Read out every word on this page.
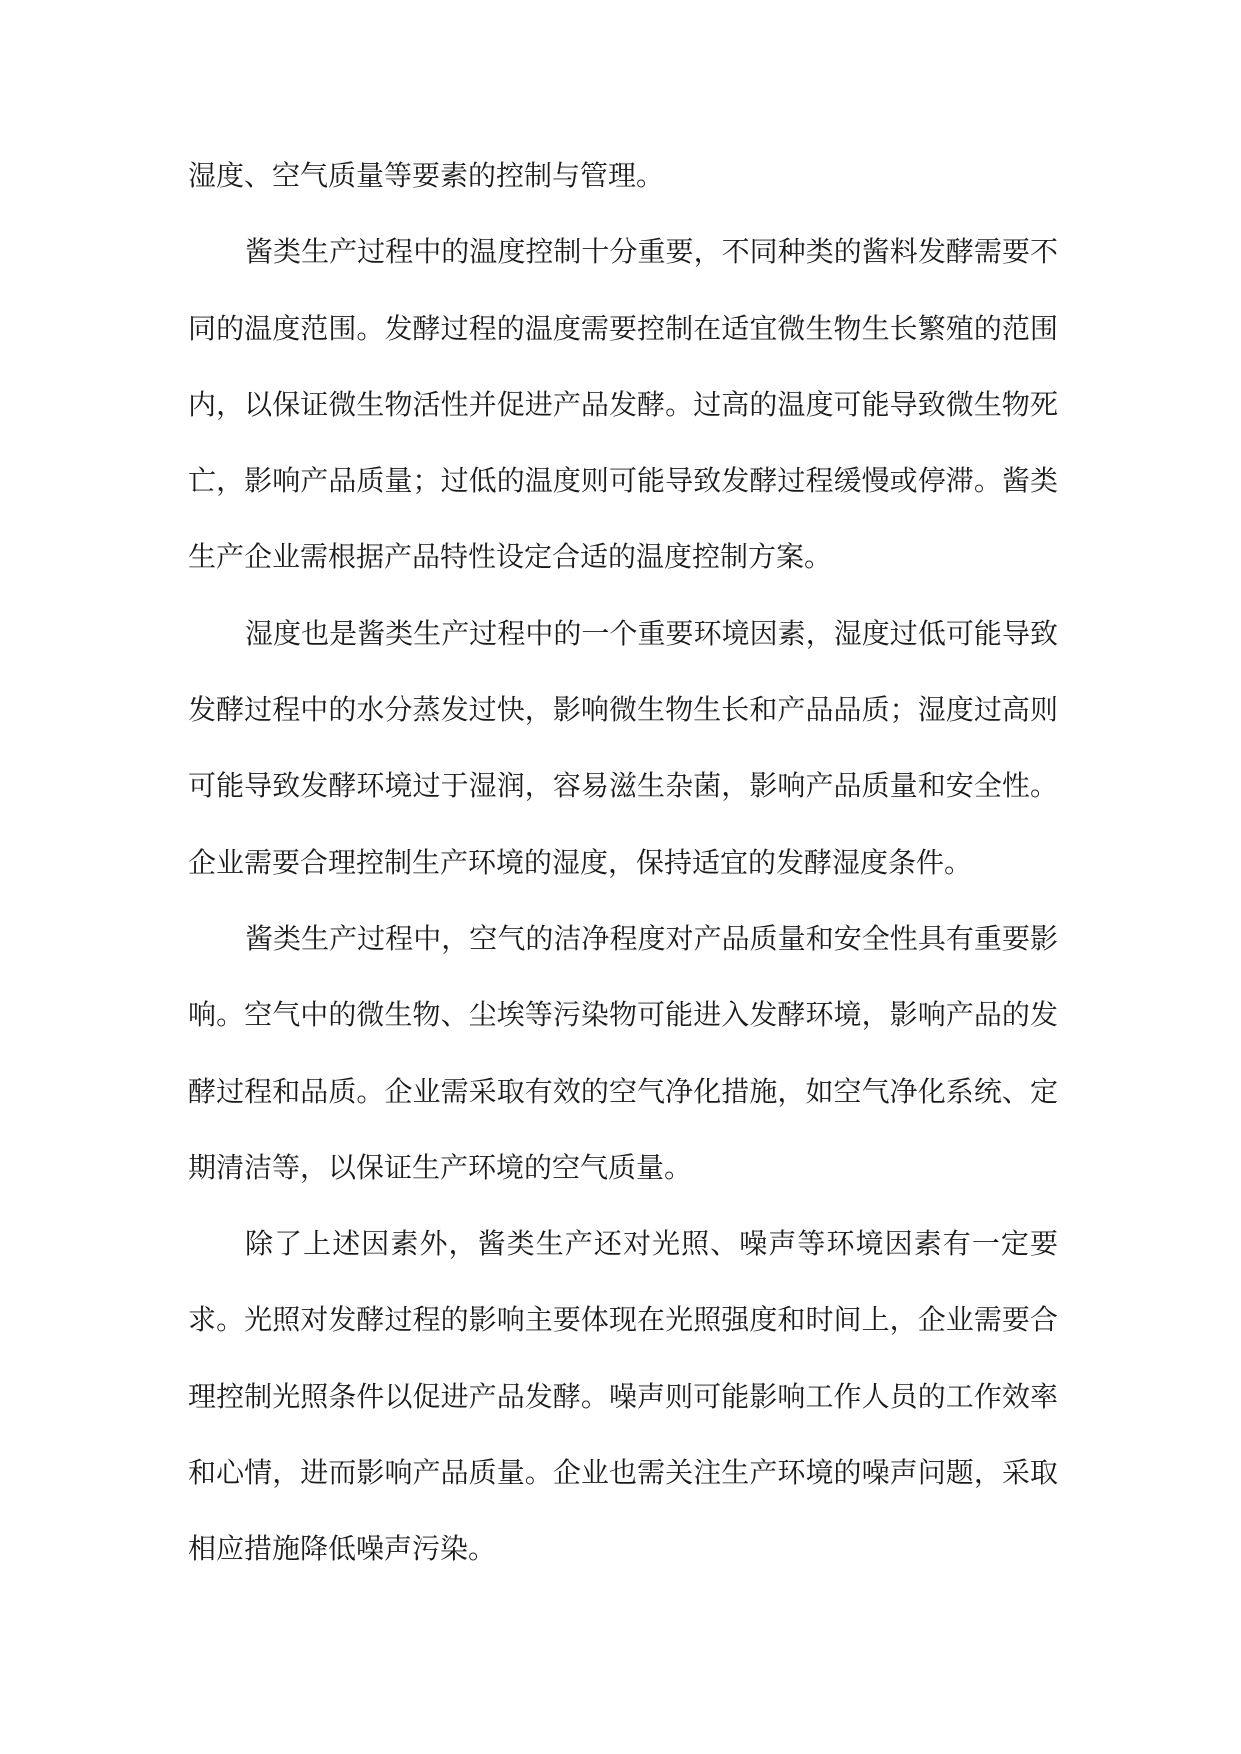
湿度、空气质量等要素的控制与管理。

酱类生产过程中的温度控制十分重要，不同种类的酱料发酵需要不同的温度范围。发酵过程的温度需要控制在适宜微生物生长繁殖的范围内，以保证微生物活性并促进产品发酵。过高的温度可能导致微生物死亡，影响产品质量；过低的温度则可能导致发酵过程缓慢或停滞。酱类生产企业需根据产品特性设定合适的温度控制方案。

湿度也是酱类生产过程中的一个重要环境因素，湿度过低可能导致发酵过程中的水分蒸发过快，影响微生物生长和产品品质；湿度过高则可能导致发酵环境过于湿润，容易滋生杂菌，影响产品质量和安全性。企业需要合理控制生产环境的湿度，保持适宜的发酵湿度条件。

酱类生产过程中，空气的洁净程度对产品质量和安全性具有重要影响。空气中的微生物、尘埃等污染物可能进入发酵环境，影响产品的发酵过程和品质。企业需采取有效的空气净化措施，如空气净化系统、定期清洁等，以保证生产环境的空气质量。

除了上述因素外，酱类生产还对光照、噪声等环境因素有一定要求。光照对发酵过程的影响主要体现在光照强度和时间上，企业需要合理控制光照条件以促进产品发酵。噪声则可能影响工作人员的工作效率和心情，进而影响产品质量。企业也需关注生产环境的噪声问题，采取相应措施降低噪声污染。
